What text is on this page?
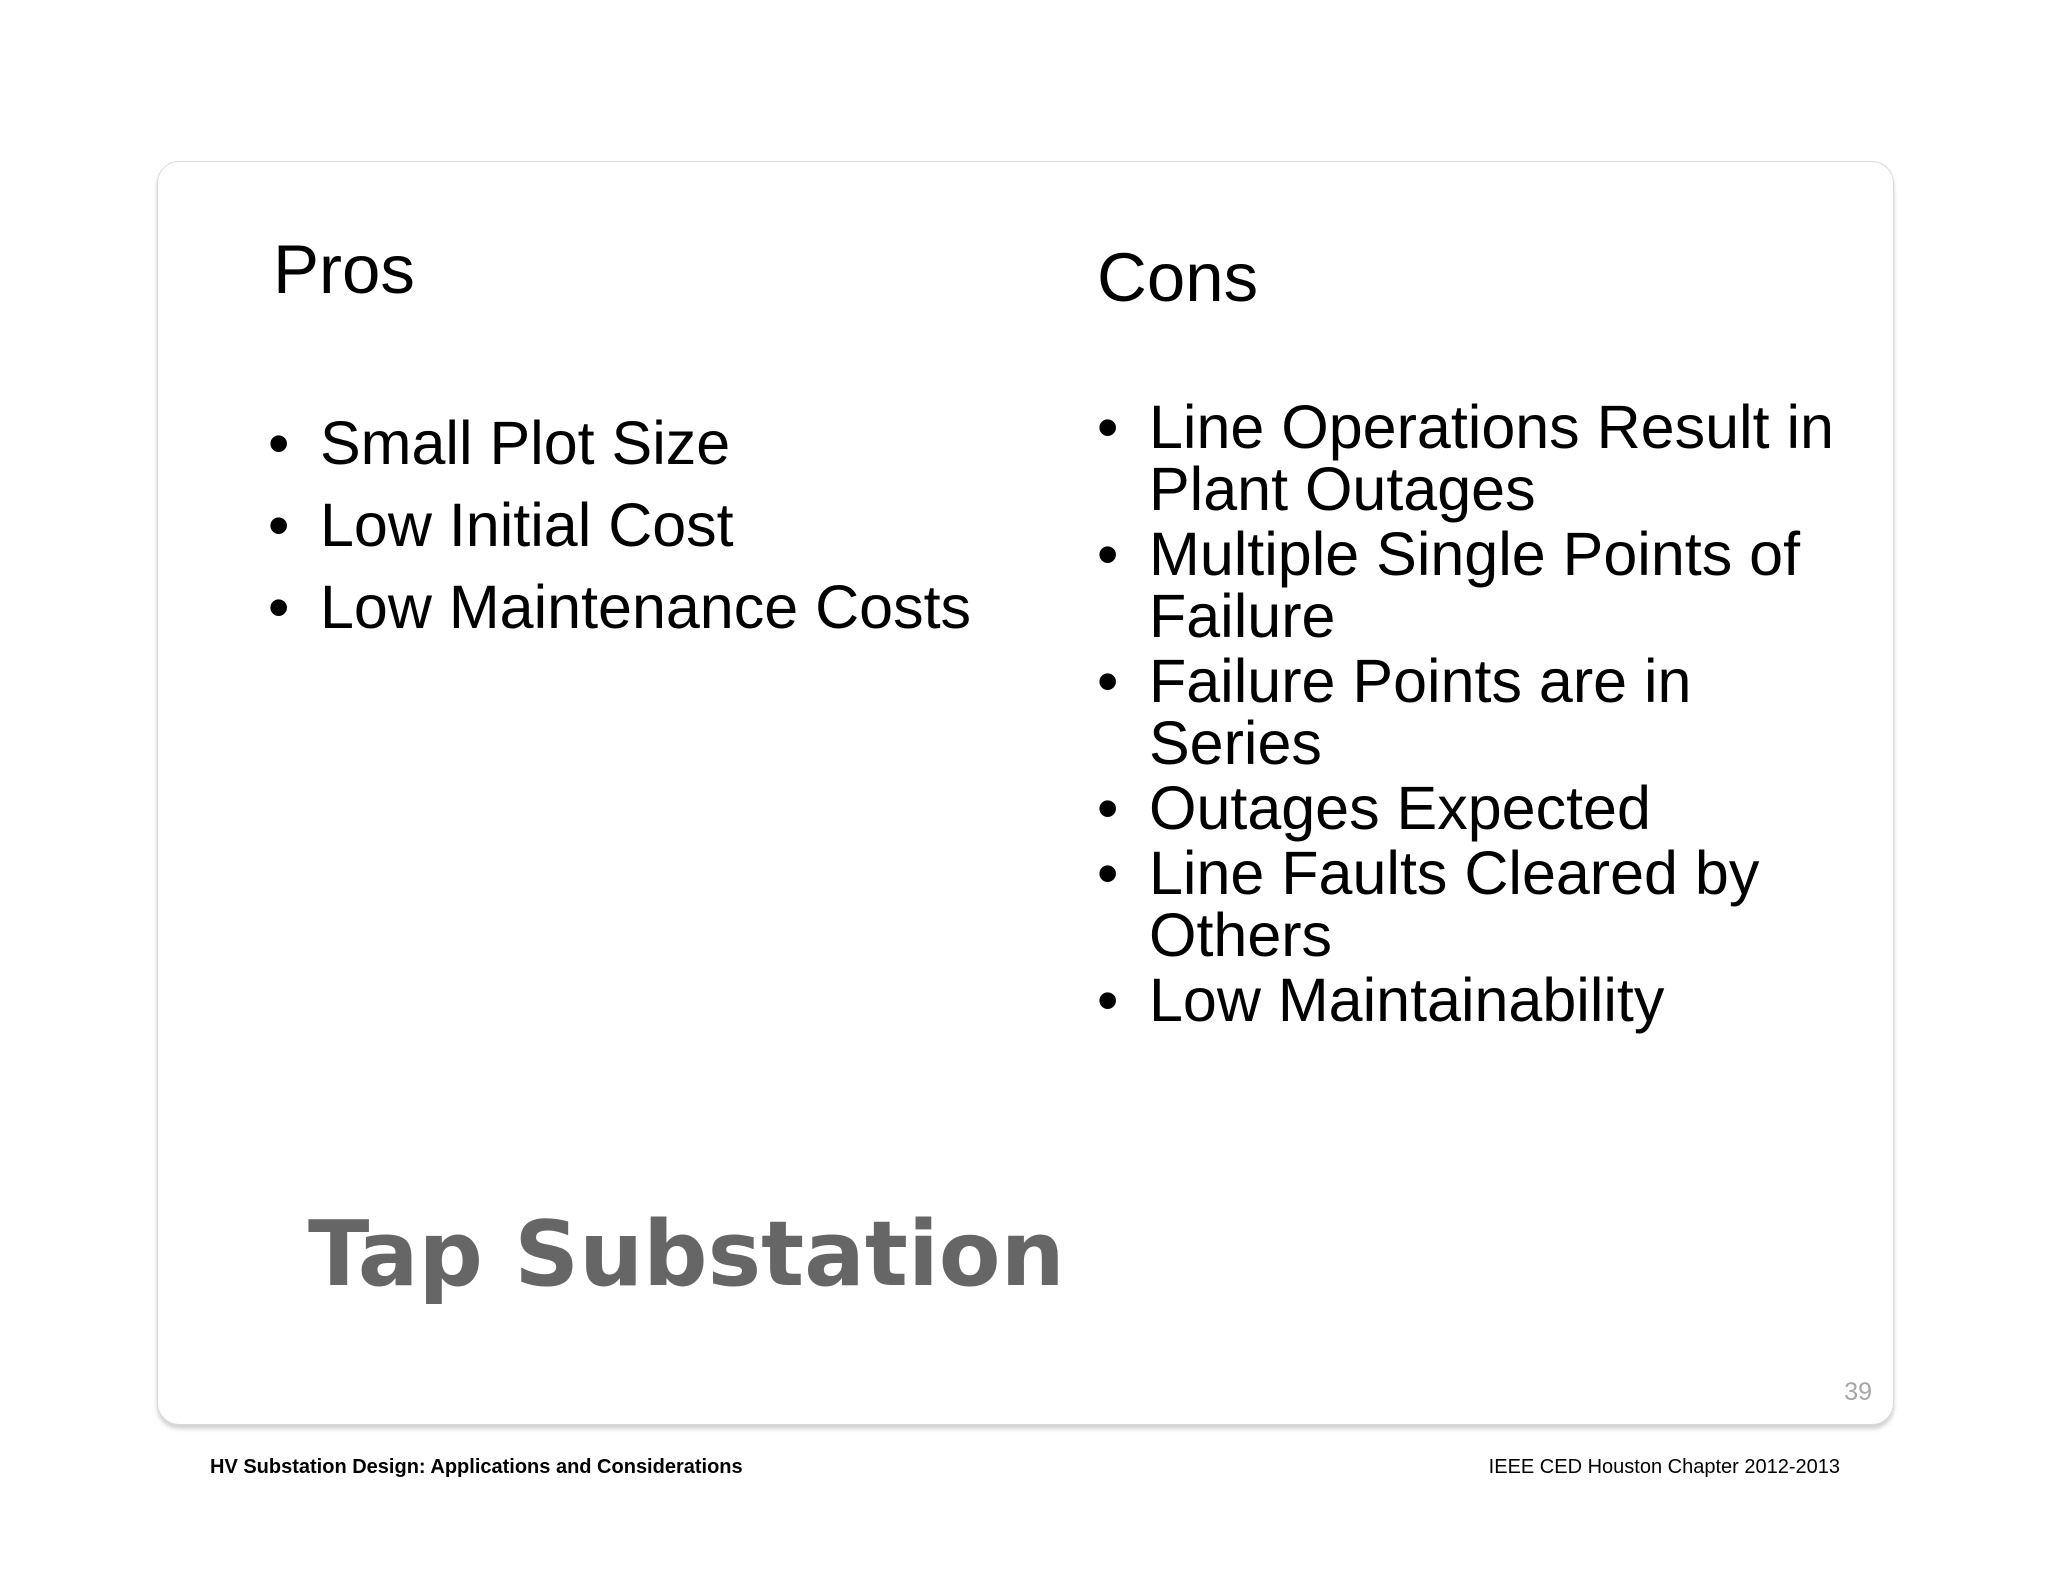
Pros	Cons
• Small Plot Size
• Low Initial Cost
• Low Maintenance Costs
• Line Operations Result in Plant Outages
• Multiple Single Points of Failure
• Failure Points are in Series
• Outages Expected
• Line Faults Cleared by Others
• Low Maintainability
Tap Substation
39
HV Substation Design: Applications and Considerations	IEEE CED Houston Chapter 2012-2013
